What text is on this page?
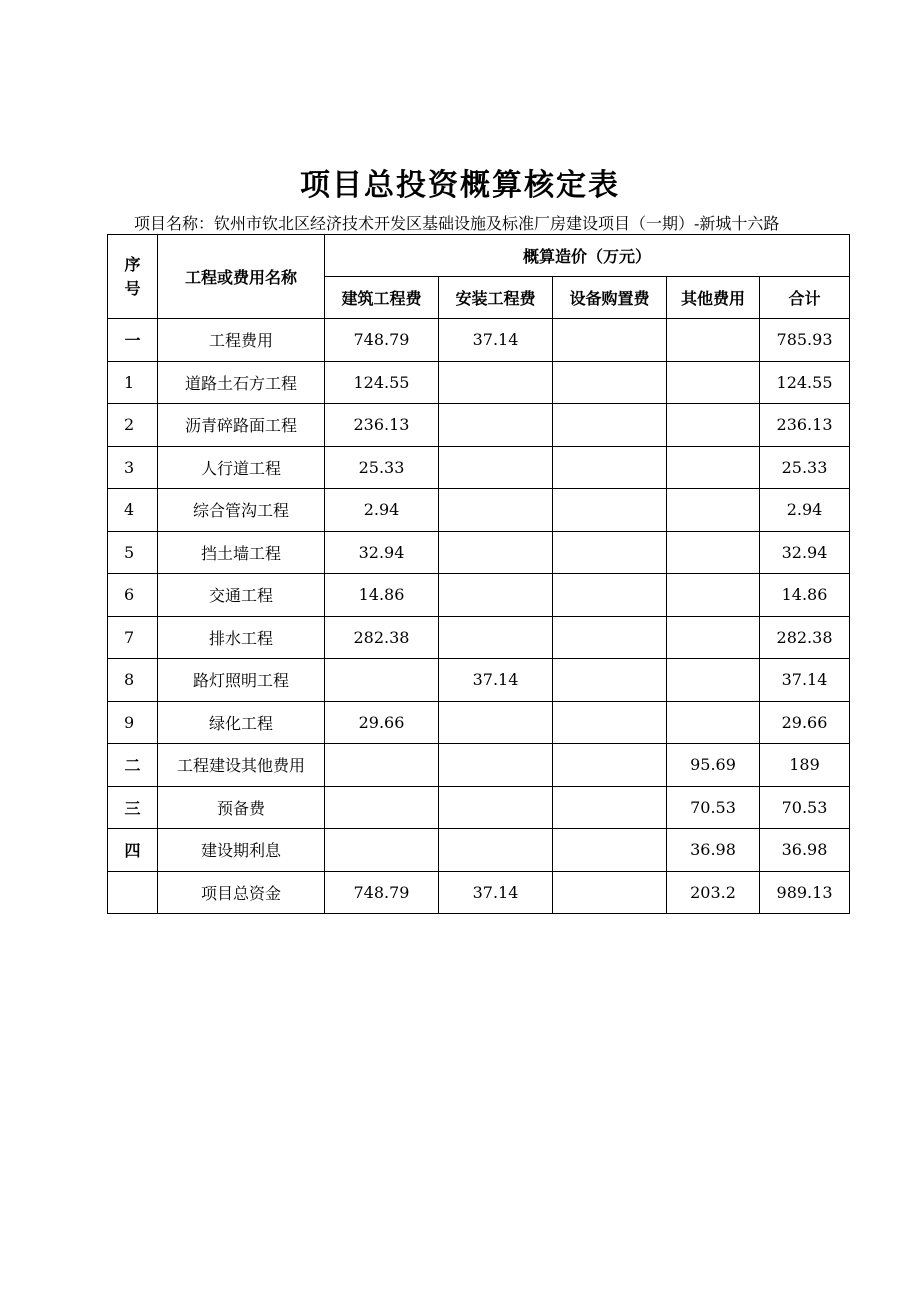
项目总投资概算核定表
项目名称：钦州市钦北区经济技术开发区基础设施及标准厂房建设项目（一期）-新城十六路
序号	工程或费用名称	概算造价（万元）				
		建筑工程费	安装工程费	设备购置费	其他费用	合计
一	工程费用	748.79	37.14			785.93
1	道路土石方工程	124.55				124.55
2	沥青碎路面工程	236.13				236.13
3	人行道工程	25.33				25.33
4	综合管沟工程	2.94				2.94
5	挡土墙工程	32.94				32.94
6	交通工程	14.86				14.86
7	排水工程	282.38				282.38
8	路灯照明工程		37.14			37.14
9	绿化工程	29.66				29.66
二	工程建设其他费用				95.69	189
三	预备费				70.53	70.53
四	建设期利息				36.98	36.98
	项目总资金	748.79	37.14		203.2	989.13
